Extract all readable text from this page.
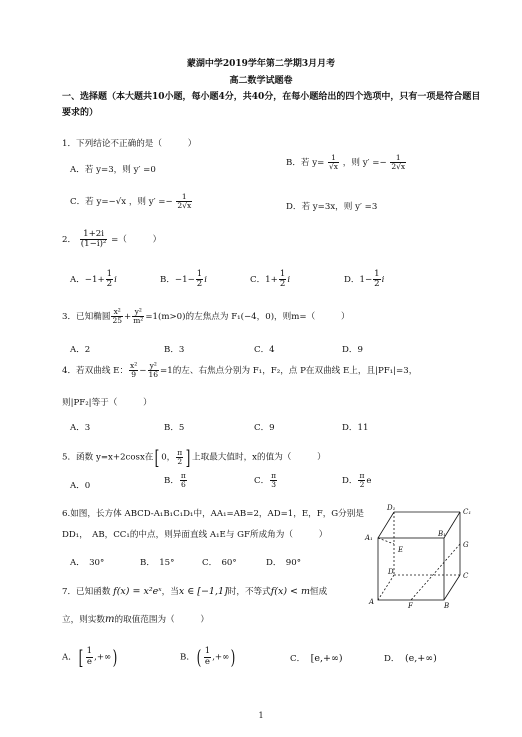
蒙湖中学2019学年第二学期3月月考
高二数学试题卷
一、选择题（本大题共10小题，每小题4分，共40分，在每小题给出的四个选项中，只有一项是符合题目要求的）
1．下列结论不正确的是（　　　）
A．若 y=3，则 y′ =0
B．若 $y= \frac{1}{√x}$ ，则 $y' =- \frac{1}{2√x}$
C．若 y=−√x ，则 $y' =- \frac{1}{2√x}$	D．若 y=3x，则 y′ =3
2． $\frac{1+2i}{\text{(1−i)²}}$ =（　　　）
A．$-1+ \frac{1}{2}$ i	B．$-1- \frac{1}{2}$ i	C．$1+ \frac{1}{2}$ i	D．$1- \frac{1}{2}$ i
3．已知椭圆 $\frac{\text{x²}}{25} + \frac{\text{y²}}{\text{m²}} =1(m>0)$的左焦点为 F₁(−4，0)，则m=（　　　）
A．2	B．3	C．4	D．9
4．若双曲线 E： $\frac{\text{x²}}{9} - \frac{\text{y²}}{16} =1$的左、右焦点分别为 F₁，F₂，点 P在双曲线 E上，且|PF₁|=3，
则|PF₂|等于（　　　）
A．3	B．5	C．9	D．11
5．函数 y=x+2cosx在[ 0， $\frac{\pi}{2}$ ] 上取最大值时，x的值为（　　　）
A．0
B． $\frac{\pi}{6}$	C． $\frac{\pi}{3}$	D． $\frac{\pi}{2}$ e
6.如图，长方体 ABCD-A₁B₁C₁D₁中，AA₁=AB=2，AD=1，E，F，G分别是
DD₁，　AB，CC₁的中点，则异面直线 A₁E与 GF所成角为（　　　）
A．　30°	B．　15°	C．　60°	D．　90°
D₁	C₁
A₁	B₁
E
G
D	C
A	F	B
7．已知函数 f(x) = x²eˣ，当x ∈ [−1,1]时，不等式f(x) < m恒成
立，则实数m的取值范围为（　　　）
A．[ $\frac{1}{e}$ ,+∞)	B．( $\frac{1}{e}$ ,+∞)	C． [e,+∞)	D． (e,+∞)
1
